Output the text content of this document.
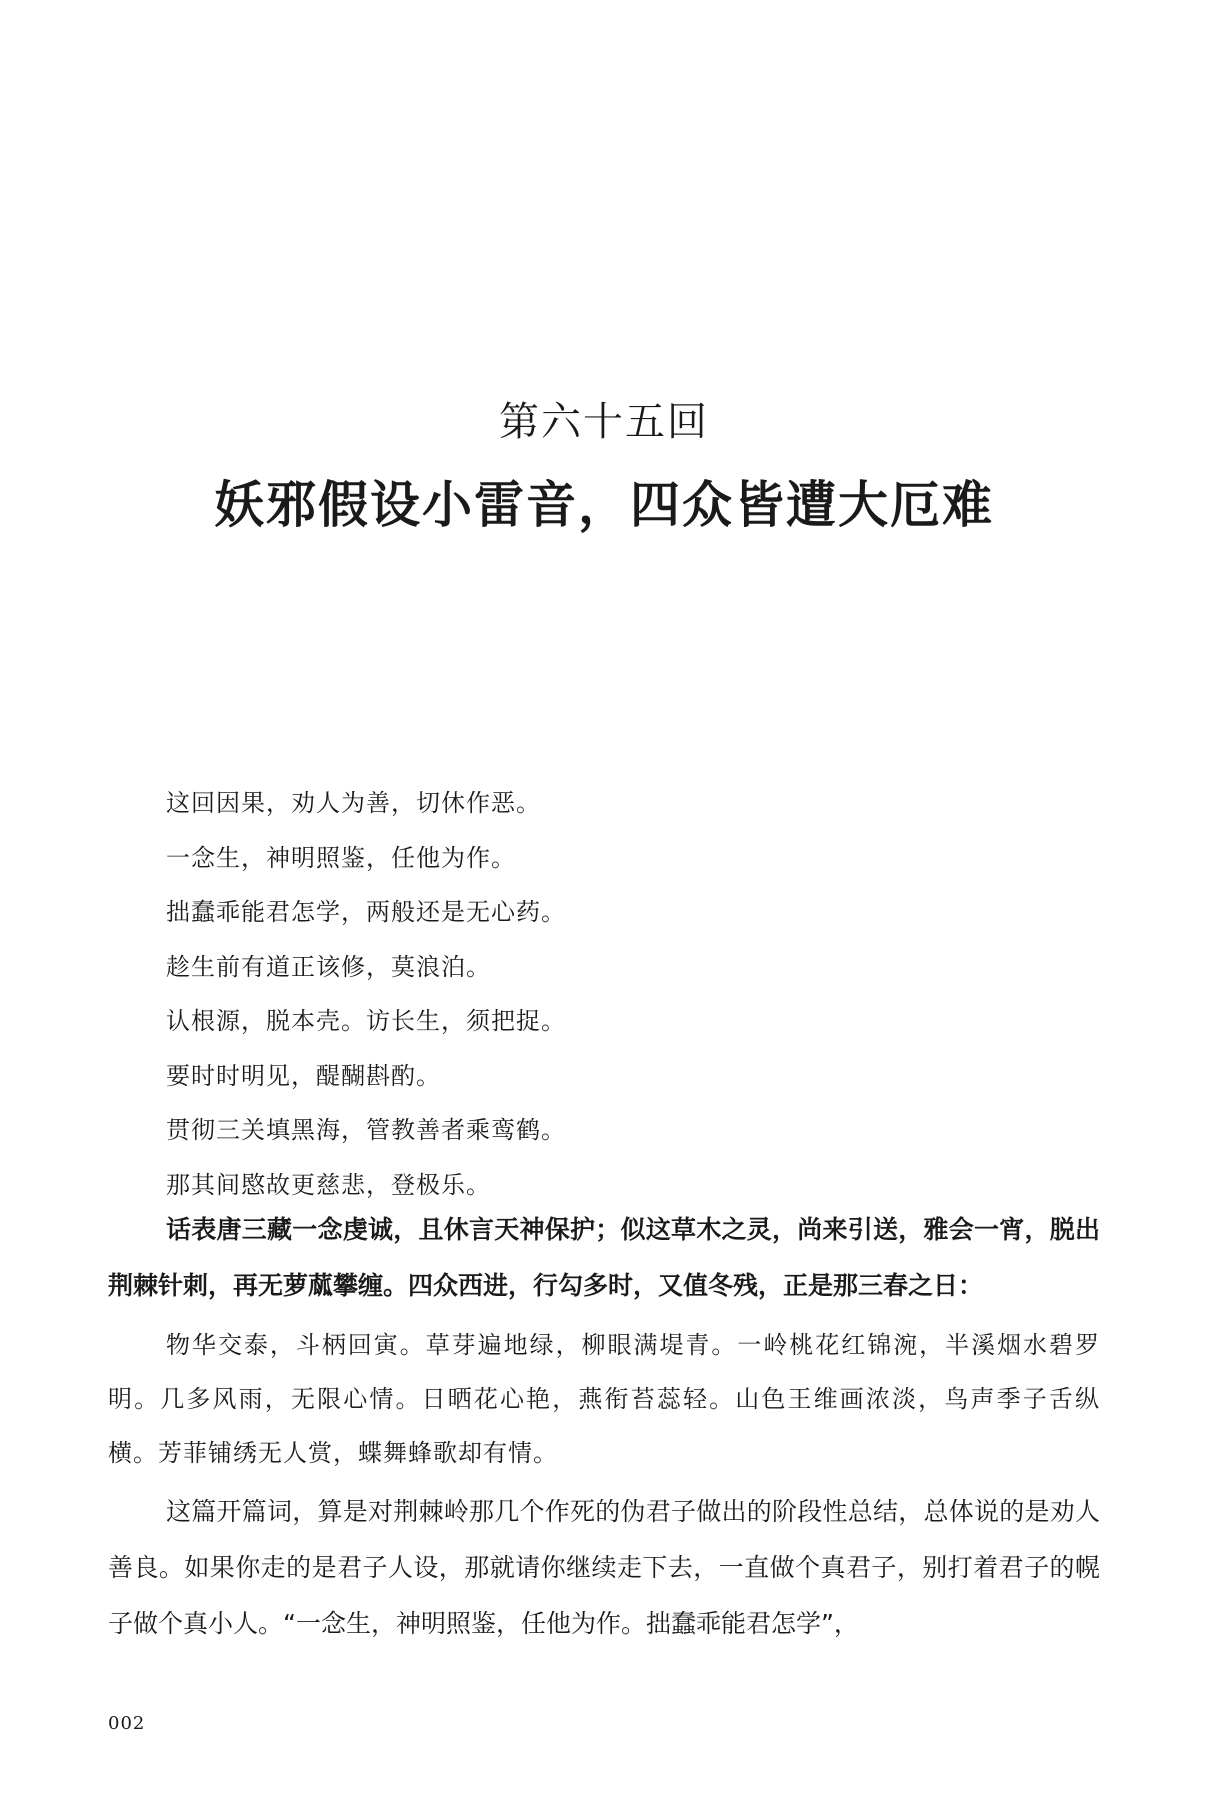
第六十五回
妖邪假设小雷音，四众皆遭大厄难
这回因果，劝人为善，切休作恶。
一念生，神明照鉴，任他为作。
拙蠢乖能君怎学，两般还是无心药。
趁生前有道正该修，莫浪泊。
认根源，脱本壳。访长生，须把捉。
要时时明见，醍醐斟酌。
贯彻三关填黑海，管教善者乘鸾鹤。
那其间愍故更慈悲，登极乐。

话表唐三藏一念虔诚，且休言天神保护；似这草木之灵，尚来引送，雅会一宵，脱出荆棘针刺，再无萝蓏攀缠。四众西进，行勾多时，又值冬残，正是那三春之日：

物华交泰，斗柄回寅。草芽遍地绿，柳眼满堤青。一岭桃花红锦涴，半溪烟水碧罗明。几多风雨，无限心情。日晒花心艳，燕衔苔蕊轻。山色王维画浓淡，鸟声季子舌纵横。芳菲铺绣无人赏，蝶舞蜂歌却有情。

这篇开篇词，算是对荆棘岭那几个作死的伪君子做出的阶段性总结，总体说的是劝人善良。如果你走的是君子人设，那就请你继续走下去，一直做个真君子，别打着君子的幌子做个真小人。“一念生，神明照鉴，任他为作。拙蠢乖能君怎学”，

002
